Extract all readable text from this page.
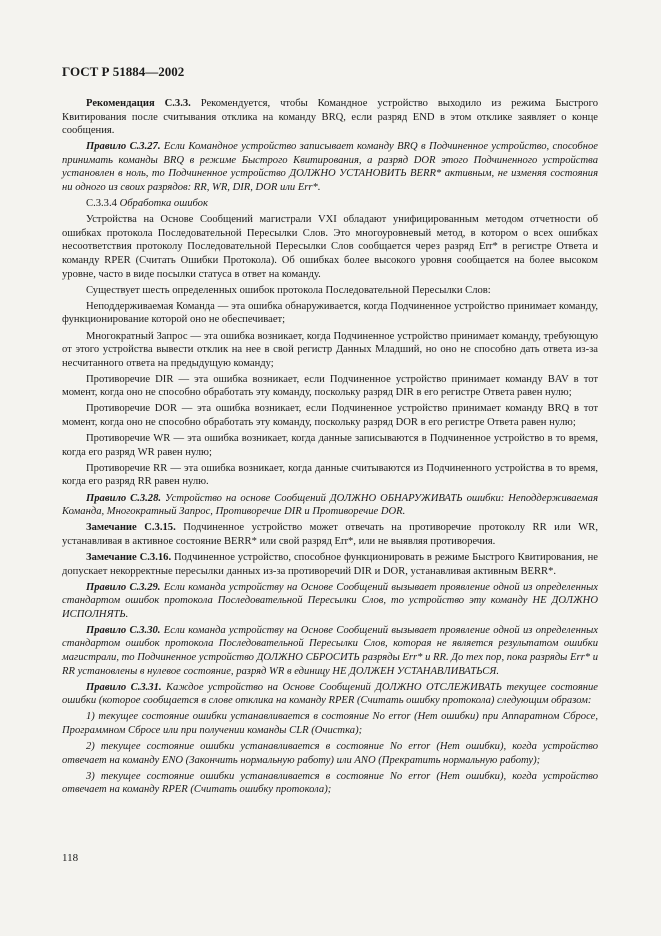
ГОСТ Р 51884—2002

Рекомендация С.3.3. Рекомендуется, чтобы Командное устройство выходило из режима Быстрого Квитирования после считывания отклика на команду BRQ, если разряд END в этом отклике заявляет о конце сообщения.

Правило С.3.27. Если Командное устройство записывает команду BRQ в Подчиненное устройство, способное принимать команды BRQ в режиме Быстрого Квитирования, а разряд DOR этого Подчиненного устройства установлен в ноль, то Подчиненное устройство ДОЛЖНО УСТАНОВИТЬ BERR* активным, не изменяя состояния ни одного из своих разрядов: RR, WR, DIR, DOR или Err*.

С.3.3.4 Обработка ошибок

Устройства на Основе Сообщений магистрали VXI обладают унифицированным методом отчетности об ошибках протокола Последовательной Пересылки Слов. Это многоуровневый метод, в котором о всех ошибках несоответствия протоколу Последовательной Пересылки Слов сообщается через разряд Err* в регистре Ответа и команду RPER (Считать Ошибки Протокола). Об ошибках более высокого уровня сообщается на более высоком уровне, часто в виде посылки статуса в ответ на команду.

Существует шесть определенных ошибок протокола Последовательной Пересылки Слов:

Неподдерживаемая Команда — эта ошибка обнаруживается, когда Подчиненное устройство принимает команду, функционирование которой оно не обеспечивает;

Многократный Запрос — эта ошибка возникает, когда Подчиненное устройство принимает команду, требующую от этого устройства вывести отклик на нее в свой регистр Данных Младший, но оно не способно дать ответа из-за несчитанного ответа на предыдущую команду;

Противоречие DIR — эта ошибка возникает, если Подчиненное устройство принимает команду BAV в тот момент, когда оно не способно обработать эту команду, поскольку разряд DIR в его регистре Ответа равен нулю;

Противоречие DOR — эта ошибка возникает, если Подчиненное устройство принимает команду BRQ в тот момент, когда оно не способно обработать эту команду, поскольку разряд DOR в его регистре Ответа равен нулю;

Противоречие WR — эта ошибка возникает, когда данные записываются в Подчиненное устройство в то время, когда его разряд WR равен нулю;

Противоречие RR — эта ошибка возникает, когда данные считываются из Подчиненного устройства в то время, когда его разряд RR равен нулю.

Правило С.3.28. Устройство на основе Сообщений ДОЛЖНО ОБНАРУЖИВАТЬ ошибки: Неподдерживаемая Команда, Многократный Запрос, Противоречие DIR и Противоречие DOR.

Замечание С.3.15. Подчиненное устройство может отвечать на противоречие протоколу RR или WR, устанавливая в активное состояние BERR* или свой разряд Err*, или не выявляя противоречия.

Замечание С.3.16. Подчиненное устройство, способное функционировать в режиме Быстрого Квитирования, не допускает некорректные пересылки данных из-за противоречий DIR и DOR, устанавливая активным BERR*.

Правило С.3.29. Если команда устройству на Основе Сообщений вызывает проявление одной из определенных стандартом ошибок протокола Последовательной Пересылки Слов, то устройство эту команду НЕ ДОЛЖНО ИСПОЛНЯТЬ.

Правило С.3.30. Если команда устройству на Основе Сообщений вызывает проявление одной из определенных стандартом ошибок протокола Последовательной Пересылки Слов, которая не является результатом ошибки магистрали, то Подчиненное устройство ДОЛЖНО СБРОСИТЬ разряды Err* и RR. До тех пор, пока разряды Err* и RR установлены в нулевое состояние, разряд WR в единицу НЕ ДОЛЖЕН УСТАНАВЛИВАТЬСЯ.

Правило С.3.31. Каждое устройство на Основе Сообщений ДОЛЖНО ОТСЛЕЖИВАТЬ текущее состояние ошибки (которое сообщается в слове отклика на команду RPER (Считать ошибку протокола) следующим образом:

1) текущее состояние ошибки устанавливается в состояние No error (Нет ошибки) при Аппаратном Сбросе, Программном Сбросе или при получении команды CLR (Очистка);

2) текущее состояние ошибки устанавливается в состояние No error (Нет ошибки), когда устройство отвечает на команду ENO (Закончить нормальную работу) или ANO (Прекратить нормальную работу);

3) текущее состояние ошибки устанавливается в состояние No error (Нет ошибки), когда устройство отвечает на команду RPER (Считать ошибку протокола);

118
